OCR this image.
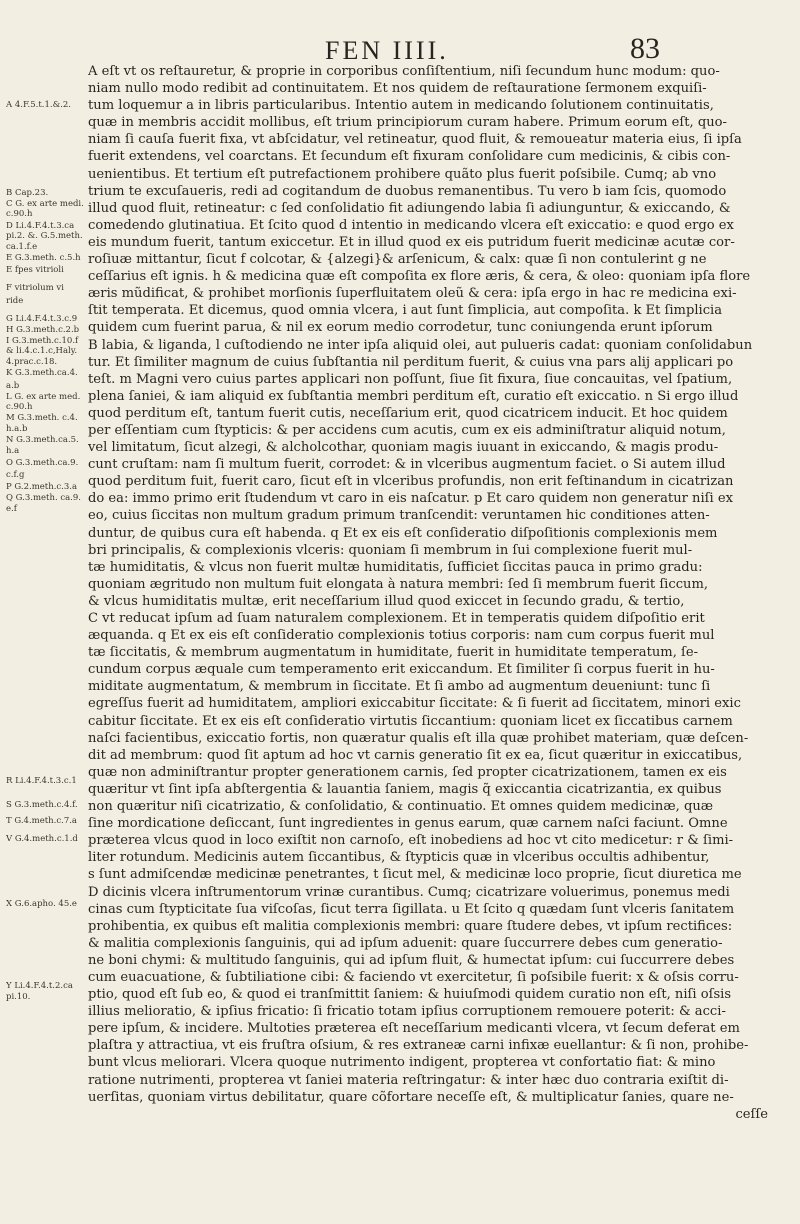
FEN IIII.	83
A 4.F.5.t.1.&.2.
B Cap.23.
C G. ex arte medi.
c.90.h
D Li.4.F.4.t.3.ca
pi.2. &. G.5.meth.
ca.1.f.e
E G.3.meth. c.5.h
E fpes vitrioli
F vitriolum vi
ride
G Li.4.F.4.t.3.c.9
H G.3.meth.c.2.b
I G.3.meth.c.10.f
& li.4.c.1.c,Haly.
4.prac.c.18.
K G.3.meth.ca.4.
a.b
L G. ex arte med.
c.90.h
M G.3.meth. c.4.
h.a.b
N G.3.meth.ca.5.
h.a
O G.3.meth.ca.9.
c.f.g
P G.2.meth.c.3.a
Q G.3.meth. ca.9.
e.f
R Li.4.F.4.t.3.c.1
S G.3.meth.c.4.f.
T G.4.meth.c.7.a
V G.4.meth.c.1.d
X G.6.apho. 45.e
Y Li.4.F.4.t.2.ca
pi.10.
A eſt vt os reſtauretur, & proprie in corporibus conſiſtentium, niſi ſecundum hunc modum: quo-
niam nullo modo redibit ad continuitatem. Et nos quidem de reſtauratione ſermonem exquiſi-
tum loquemur a in libris particularibus. Intentio autem in medicando ſolutionem continuitatis,
quæ in membris accidit mollibus, eſt trium principiorum curam habere. Primum eorum eſt, quo-
niam ſi cauſa fuerit fixa, vt abſcidatur, vel retineatur, quod fluit, & remoueatur materia eius, ſi ipſa
fuerit extendens, vel coarctans. Et ſecundum eſt fixuram conſolidare cum medicinis, & cibis con-
uenientibus. Et tertium eſt putrefactionem prohibere quãto plus fuerit poſsibile. Cumq; ab vno
trium te excuſaueris, redi ad cogitandum de duobus remanentibus. Tu vero b iam ſcis, quomodo
illud quod fluit, retineatur: c ſed conſolidatio fit adiungendo labia ſi adiunguntur, & exiccando, &
comedendo glutinatiua. Et ſcito quod d intentio in medicando vlcera eſt exiccatio: e quod ergo ex
eis mundum fuerit, tantum exiccetur. Et in illud quod ex eis putridum fuerit medicinæ acutæ cor-
roſiuæ mittantur, ſicut f colcotar, & {alzegi}& arſenicum, & calx: quæ ſi non contulerint g ne
ceſſarius eſt ignis. h & medicina quæ eſt compoſita ex flore æris, & cera, & oleo: quoniam ipſa flore
æris mũdificat, & prohibet morſionis ſuperfluitatem oleũ & cera: ipſa ergo in hac re medicina exi-
ſtit temperata. Et dicemus, quod omnia vlcera, i aut ſunt ſimplicia, aut compoſita. k Et ſimplicia
quidem cum fuerint parua, & nil ex eorum medio corrodetur, tunc coniungenda erunt ipſorum
B labia, & liganda, l cuſtodiendo ne inter ipſa aliquid olei, aut pulueris cadat: quoniam conſolidabun
tur. Et ſimiliter magnum de cuius ſubſtantia nil perditum fuerit, & cuius vna pars alij applicari po
teſt. m Magni vero cuius partes applicari non poſſunt, ſiue ſit fixura, ſiue concauitas, vel ſpatium,
plena ſaniei, & iam aliquid ex ſubſtantia membri perditum eſt, curatio eſt exiccatio. n Si ergo illud
quod perditum eſt, tantum fuerit cutis, neceſſarium erit, quod cicatricem inducit. Et hoc quidem
per eſſentiam cum ſtypticis: & per accidens cum acutis, cum ex eis adminiſtratur aliquid notum,
vel limitatum, ſicut alzegi, & alcholcothar, quoniam magis iuuant in exiccando, & magis produ-
cunt cruſtam: nam ſi multum fuerit, corrodet: & in vlceribus augmentum faciet. o Si autem illud
quod perditum fuit, fuerit caro, ſicut eſt in vlceribus profundis, non erit feſtinandum in cicatrizan
do ea: immo primo erit ſtudendum vt caro in eis naſcatur. p Et caro quidem non generatur niſi ex
eo, cuius ſiccitas non multum gradum primum tranſcendit: veruntamen hic conditiones atten-
duntur, de quibus cura eſt habenda. q Et ex eis eſt conſideratio diſpoſitionis complexionis mem
bri principalis, & complexionis vlceris: quoniam ſi membrum in ſui complexione fuerit mul-
tæ humiditatis, & vlcus non fuerit multæ humiditatis, ſufficiet ſiccitas pauca in primo gradu:
quoniam ægritudo non multum fuit elongata à natura membri: ſed ſi membrum fuerit ſiccum,
& vlcus humiditatis multæ, erit neceſſarium illud quod exiccet in ſecundo gradu, & tertio,
C vt reducat ipſum ad ſuam naturalem complexionem. Et in temperatis quidem diſpoſitio erit
æquanda. q Et ex eis eſt conſideratio complexionis totius corporis: nam cum corpus fuerit mul
tæ ſiccitatis, & membrum augmentatum in humiditate, fuerit in humiditate temperatum, ſe-
cundum corpus æquale cum temperamento erit exiccandum. Et ſimiliter ſi corpus fuerit in hu-
miditate augmentatum, & membrum in ſiccitate. Et ſi ambo ad augmentum deueniunt: tunc ſi
egreſſus fuerit ad humiditatem, ampliori exiccabitur ſiccitate: & ſi fuerit ad ſiccitatem, minori exic
cabitur ſiccitate. Et ex eis eſt conſideratio virtutis ſiccantium: quoniam licet ex ſiccatibus carnem
naſci facientibus, exiccatio fortis, non quæratur qualis eſt illa quæ prohibet materiam, quæ deſcen-
dit ad membrum: quod ſit aptum ad hoc vt carnis generatio ſit ex ea, ſicut quæritur in exiccatibus,
quæ non adminiſtrantur propter generationem carnis, ſed propter cicatrizationem, tamen ex eis
quæritur vt ſint ipſa abſtergentia & lauantia ſaniem, magis q̃ exiccantia cicatrizantia, ex quibus
non quæritur niſi cicatrizatio, & conſolidatio, & continuatio. Et omnes quidem medicinæ, quæ
ſine mordicatione deſiccant, ſunt ingredientes in genus earum, quæ carnem naſci faciunt. Omne
præterea vlcus quod in loco exiſtit non carnoſo, eſt inobediens ad hoc vt cito medicetur: r & ſimi-
liter rotundum. Medicinis autem ſiccantibus, & ſtypticis quæ in vlceribus occultis adhibentur,
s ſunt admiſcendæ medicinæ penetrantes, t ſicut mel, & medicinæ loco proprie, ſicut diuretica me
D dicinis vlcera inſtrumentorum vrinæ curantibus. Cumq; cicatrizare voluerimus, ponemus medi
cinas cum ſtypticitate ſua viſcoſas, ſicut terra ſigillata. u Et ſcito q quædam ſunt vlceris ſanitatem
prohibentia, ex quibus eſt malitia complexionis membri: quare ſtudere debes, vt ipſum rectifices:
& malitia complexionis ſanguinis, qui ad ipſum aduenit: quare ſuccurrere debes cum generatio-
ne boni chymi: & multitudo ſanguinis, qui ad ipſum fluit, & humectat ipſum: cui ſuccurrere debes
cum euacuatione, & ſubtiliatione cibi: & faciendo vt exercitetur, ſi poſsibile fuerit: x & oſsis corru-
ptio, quod eſt ſub eo, & quod ei tranſmittit ſaniem: & huiuſmodi quidem curatio non eſt, niſi oſsis
illius melioratio, & ipſius fricatio: ſi fricatio totam ipſius corruptionem remouere poterit: & acci-
pere ipſum, & incidere. Multoties præterea eſt neceſſarium medicanti vlcera, vt ſecum deferat em
plaſtra y attractiua, vt eis fruſtra oſsium, & res extraneæ carni infixæ euellantur: & ſi non, prohibe-
bunt vlcus meliorari. Vlcera quoque nutrimento indigent, propterea vt confortatio fiat: & mino
ratione nutrimenti, propterea vt ſaniei materia reſtringatur: & inter hæc duo contraria exiſtit di-
uerſitas, quoniam virtus debilitatur, quare cõfortare neceſſe eſt, & multiplicatur ſanies, quare ne-
ceſſe
